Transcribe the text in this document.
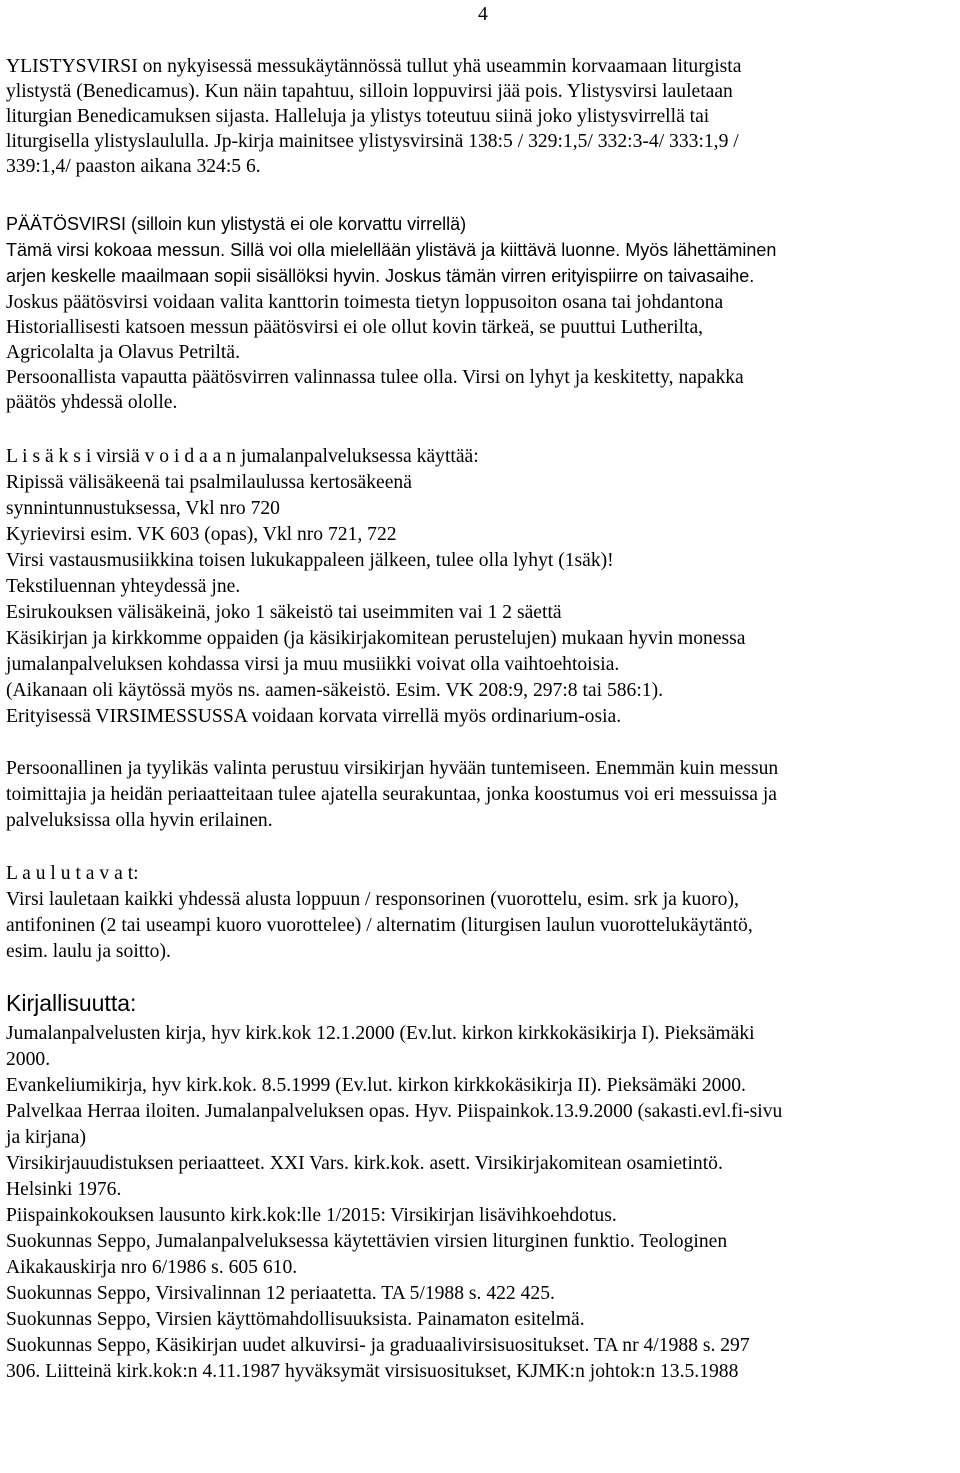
4
YLISTYSVIRSI on nykyisessä messukäytännössä tullut yhä useammin korvaamaan liturgista
ylistystä (Benedicamus). Kun näin tapahtuu, silloin loppuvirsi jää pois. Ylistysvirsi lauletaan
liturgian Benedicamuksen sijasta. Halleluja ja ylistys toteutuu siinä joko ylistysvirrellä tai
liturgisella ylistyslaululla. Jp-kirja mainitsee ylistysvirsinä 138:5 / 329:1,5/ 332:3-4/ 333:1,9 /
339:1,4/ paaston aikana 324:5 6.
PÄÄTÖSVIRSI (silloin kun ylistystä ei ole korvattu virrellä)
Tämä virsi kokoaa messun. Sillä voi olla mielellään ylistävä ja kiittävä luonne. Myös lähettäminen
arjen keskelle maailmaan sopii sisällöksi hyvin. Joskus tämän virren erityispiirre on taivasaihe.
Joskus päätösvirsi voidaan valita kanttorin toimesta tietyn loppusoiton osana tai johdantona
Historiallisesti katsoen messun päätösvirsi ei ole ollut kovin tärkeä, se puuttui Lutherilta,
Agricolalta ja Olavus Petriltä.
Persoonallista vapautta päätösvirren valinnassa tulee olla. Virsi on lyhyt ja keskitetty, napakka
päätös yhdessä ololle.
L i s ä k s i virsiä v o i d a a n jumalanpalveluksessa käyttää:
Ripissä välisäkeenä tai psalmilaulussa kertosäkeenä
synnintunnustuksessa, Vkl nro 720
Kyrievirsi esim. VK 603 (opas), Vkl nro 721, 722
Virsi vastausmusiikkina toisen lukukappaleen jälkeen, tulee olla lyhyt (1säk)!
Tekstiluennan yhteydessä jne.
Esirukouksen välisäkeinä, joko 1 säkeistö tai useimmiten vai 1 2 säettä
Käsikirjan ja kirkkomme oppaiden (ja käsikirjakomitean perustelujen) mukaan hyvin monessa
jumalanpalveluksen kohdassa virsi ja muu musiikki voivat olla vaihtoehtoisia.
(Aikanaan oli käytössä myös ns. aamen-säkeistö. Esim. VK 208:9, 297:8 tai 586:1).
Erityisessä VIRSIMESSUSSA voidaan korvata virrellä myös ordinarium-osia.
Persoonallinen ja tyylikäs valinta perustuu virsikirjan hyvään tuntemiseen. Enemmän kuin messun
toimittajia ja heidän periaatteitaan tulee ajatella seurakuntaa, jonka koostumus voi eri messuissa ja
palveluksissa olla hyvin erilainen.
L a u l u t a v a t:
Virsi lauletaan kaikki yhdessä alusta loppuun / responsorinen (vuorottelu, esim. srk ja kuoro),
antifoninen (2 tai useampi kuoro vuorottelee) / alternatim (liturgisen laulun vuorottelukäytäntö,
esim. laulu ja soitto).
Kirjallisuutta:
Jumalanpalvelusten kirja, hyv kirk.kok 12.1.2000 (Ev.lut. kirkon kirkkokäsikirja I). Pieksämäki
2000.
Evankeliumikirja, hyv kirk.kok. 8.5.1999 (Ev.lut. kirkon kirkkokäsikirja II). Pieksämäki 2000.
Palvelkaa Herraa iloiten. Jumalanpalveluksen opas. Hyv. Piispainkok.13.9.2000 (sakasti.evl.fi-sivu
ja kirjana)
Virsikirjauudistuksen periaatteet. XXI Vars. kirk.kok. asett. Virsikirjakomitean osamietintö.
Helsinki 1976.
Piispainkokouksen lausunto kirk.kok:lle 1/2015: Virsikirjan lisävihkoehdotus.
Suokunnas Seppo, Jumalanpalveluksessa käytettävien virsien liturginen funktio. Teologinen
Aikakauskirja nro 6/1986 s. 605 610.
Suokunnas Seppo, Virsivalinnan 12 periaatetta. TA 5/1988 s. 422 425.
Suokunnas Seppo, Virsien käyttömahdollisuuksista. Painamaton esitelmä.
Suokunnas Seppo, Käsikirjan uudet alkuvirsi- ja graduaalivirsisuositukset. TA nr 4/1988 s. 297
306. Liitteinä kirk.kok:n 4.11.1987 hyväksymät virsisuositukset, KJMK:n johtok:n 13.5.1988
